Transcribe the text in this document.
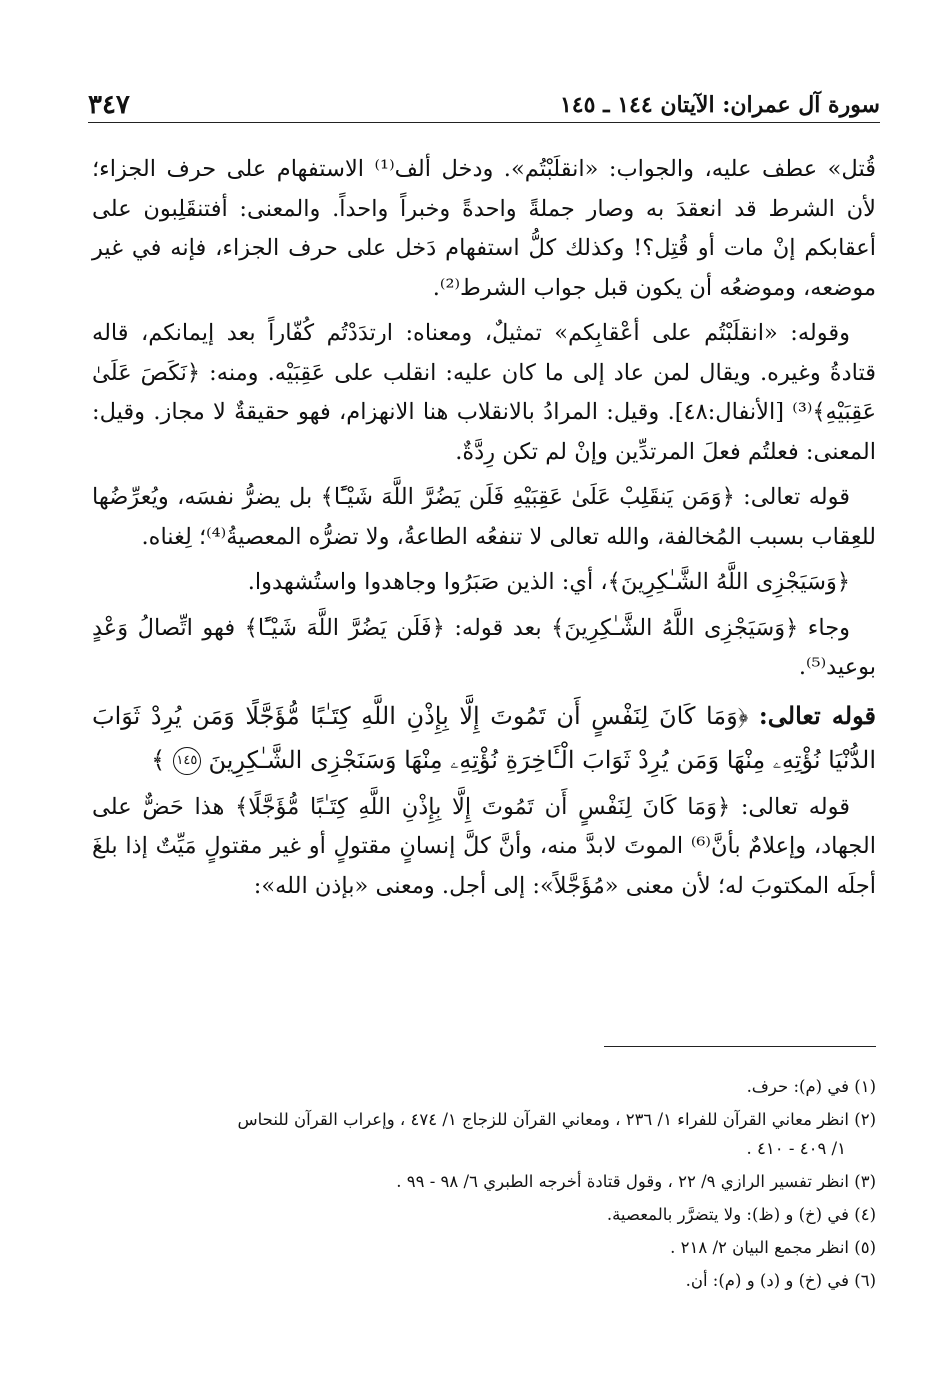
سورة آل عمران: الآيتان ١٤٤ ـ ١٤٥
٣٤٧

قُتل» عطف عليه، والجواب: «انقلَبْتُم». ودخل ألف⁽¹⁾ الاستفهام على حرف الجزاء؛ لأن الشرط قد انعقدَ به وصار جملةً واحدةً وخبراً واحداً. والمعنى: أفتنقَلِبون على أعقابكم إنْ مات أو قُتِل؟! وكذلك كلُّ استفهام دَخل على حرف الجزاء، فإنه في غير موضعه، وموضعُه أن يكون قبل جواب الشرط⁽²⁾.

وقوله: «انقلَبْتُم على أعْقابِكم» تمثيلٌ، ومعناه: ارتدَدْتُم كُفّاراً بعد إيمانكم، قاله قتادةُ وغيره. ويقال لمن عاد إلى ما كان عليه: انقلب على عَقِبَيْه. ومنه: ﴿نَكَصَ عَلَىٰ عَقِبَيْهِ﴾⁽³⁾ [الأنفال:٤٨]. وقيل: المرادُ بالانقلاب هنا الانهزام، فهو حقيقةٌ لا مجاز. وقيل: المعنى: فعلتُم فعلَ المرتدِّين وإنْ لم تكن رِدَّةٌ.

قوله تعالى: ﴿وَمَن يَنقَلِبْ عَلَىٰ عَقِبَيْهِ فَلَن يَضُرَّ اللَّهَ شَيْـًٔا﴾ بل يضرُّ نفسَه، ويُعرِّضُها للعِقاب بسبب المُخالفة، والله تعالى لا تنفعُه الطاعةُ، ولا تضرُّه المعصيةُ⁽⁴⁾؛ لِغناه.

﴿وَسَيَجْزِى اللَّهُ الشَّـٰكِرِينَ﴾، أي: الذين صَبَرُوا وجاهدوا واستُشهدوا.

وجاء ﴿وَسَيَجْزِى اللَّهُ الشَّـٰكِرِينَ﴾ بعد قوله: ﴿فَلَن يَضُرَّ اللَّهَ شَيْـًٔا﴾ فهو اتِّصالُ وَعْدٍ بوعيد⁽⁵⁾.

قوله تعالى: ﴿وَمَا كَانَ لِنَفْسٍ أَن تَمُوتَ إِلَّا بِإِذْنِ اللَّهِ كِتَـٰبًا مُّؤَجَّلًا وَمَن يُرِدْ ثَوَابَ الدُّنْيَا نُؤْتِهِۦ مِنْهَا وَمَن يُرِدْ ثَوَابَ الْـَٔاخِرَةِ نُؤْتِهِۦ مِنْهَا وَسَنَجْزِى الشَّـٰكِرِينَ ١٤٥ ﴾

قوله تعالى: ﴿وَمَا كَانَ لِنَفْسٍ أَن تَمُوتَ إِلَّا بِإِذْنِ اللَّهِ كِتَـٰبًا مُّؤَجَّلًا﴾ هذا حَضٌّ على الجهاد، وإعلامٌ بأنَّ⁽⁶⁾ الموتَ لابدَّ منه، وأنَّ كلَّ إنسانٍ مقتولٍ أو غير مقتولٍ مَيِّتٌ إذا بلغَ أجلَه المكتوبَ له؛ لأن معنى «مُؤَجَّلاً»: إلى أجل. ومعنى «بإذن الله»:

(١) في (م): حرف.
(٢) انظر معاني القرآن للفراء ١/ ٢٣٦ ، ومعاني القرآن للزجاج ١/ ٤٧٤ ، وإعراب القرآن للنحاس
١/ ٤٠٩ - ٤١٠ .
(٣) انظر تفسير الرازي ٩/ ٢٢ ، وقول قتادة أخرجه الطبري ٦/ ٩٨ - ٩٩ .
(٤) في (خ) و (ظ): ولا يتضرَّر بالمعصية.
(٥) انظر مجمع البيان ٢/ ٢١٨ .
(٦) في (خ) و (د) و (م): أن.
